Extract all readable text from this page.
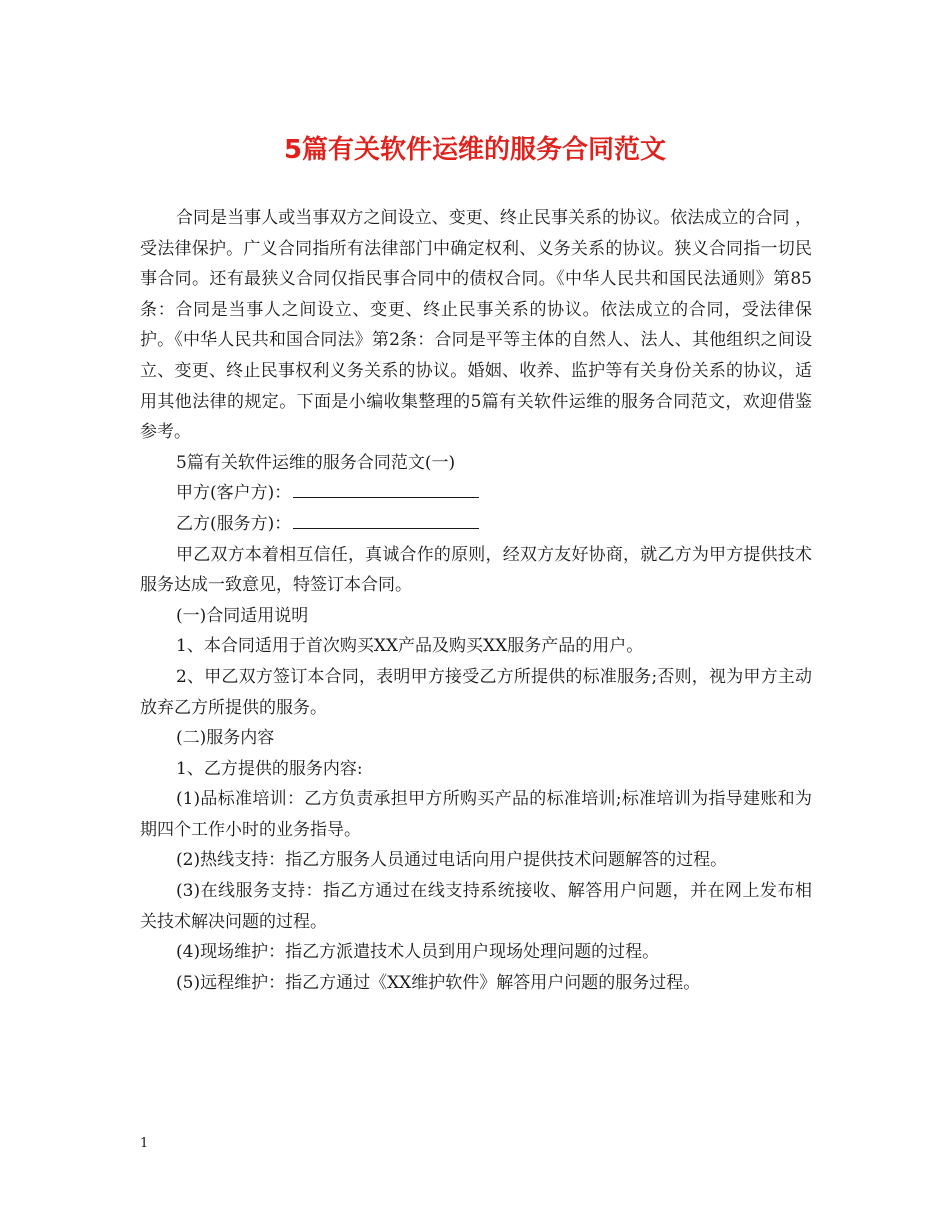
5篇有关软件运维的服务合同范文

合同是当事人或当事双方之间设立、变更、终止民事关系的协议。依法成立的合同 ，受法律保护。广义合同指所有法律部门中确定权利、义务关系的协议。狭义合同指一切民事合同。还有最狭义合同仅指民事合同中的债权合同。《中华人民共和国民法通则》第85条：合同是当事人之间设立、变更、终止民事关系的协议。依法成立的合同，受法律保护。《中华人民共和国合同法》第2条：合同是平等主体的自然人、法人、其他组织之间设立、变更、终止民事权利义务关系的协议。婚姻、收养、监护等有关身份关系的协议，适用其他法律的规定。下面是小编收集整理的5篇有关软件运维的服务合同范文，欢迎借鉴参考。

5篇有关软件运维的服务合同范文(一)

甲方(客户方)：

乙方(服务方)：

甲乙双方本着相互信任，真诚合作的原则，经双方友好协商，就乙方为甲方提供技术服务达成一致意见，特签订本合同。

(一)合同适用说明

1、本合同适用于首次购买XX产品及购买XX服务产品的用户。

2、甲乙双方签订本合同，表明甲方接受乙方所提供的标准服务;否则，视为甲方主动放弃乙方所提供的服务。

(二)服务内容

1、乙方提供的服务内容:

(1)品标准培训：乙方负责承担甲方所购买产品的标准培训;标准培训为指导建账和为期四个工作小时的业务指导。

(2)热线支持：指乙方服务人员通过电话向用户提供技术问题解答的过程。

(3)在线服务支持：指乙方通过在线支持系统接收、解答用户问题，并在网上发布相关技术解决问题的过程。

(4)现场维护：指乙方派遣技术人员到用户现场处理问题的过程。

(5)远程维护：指乙方通过《XX维护软件》解答用户问题的服务过程。

1
